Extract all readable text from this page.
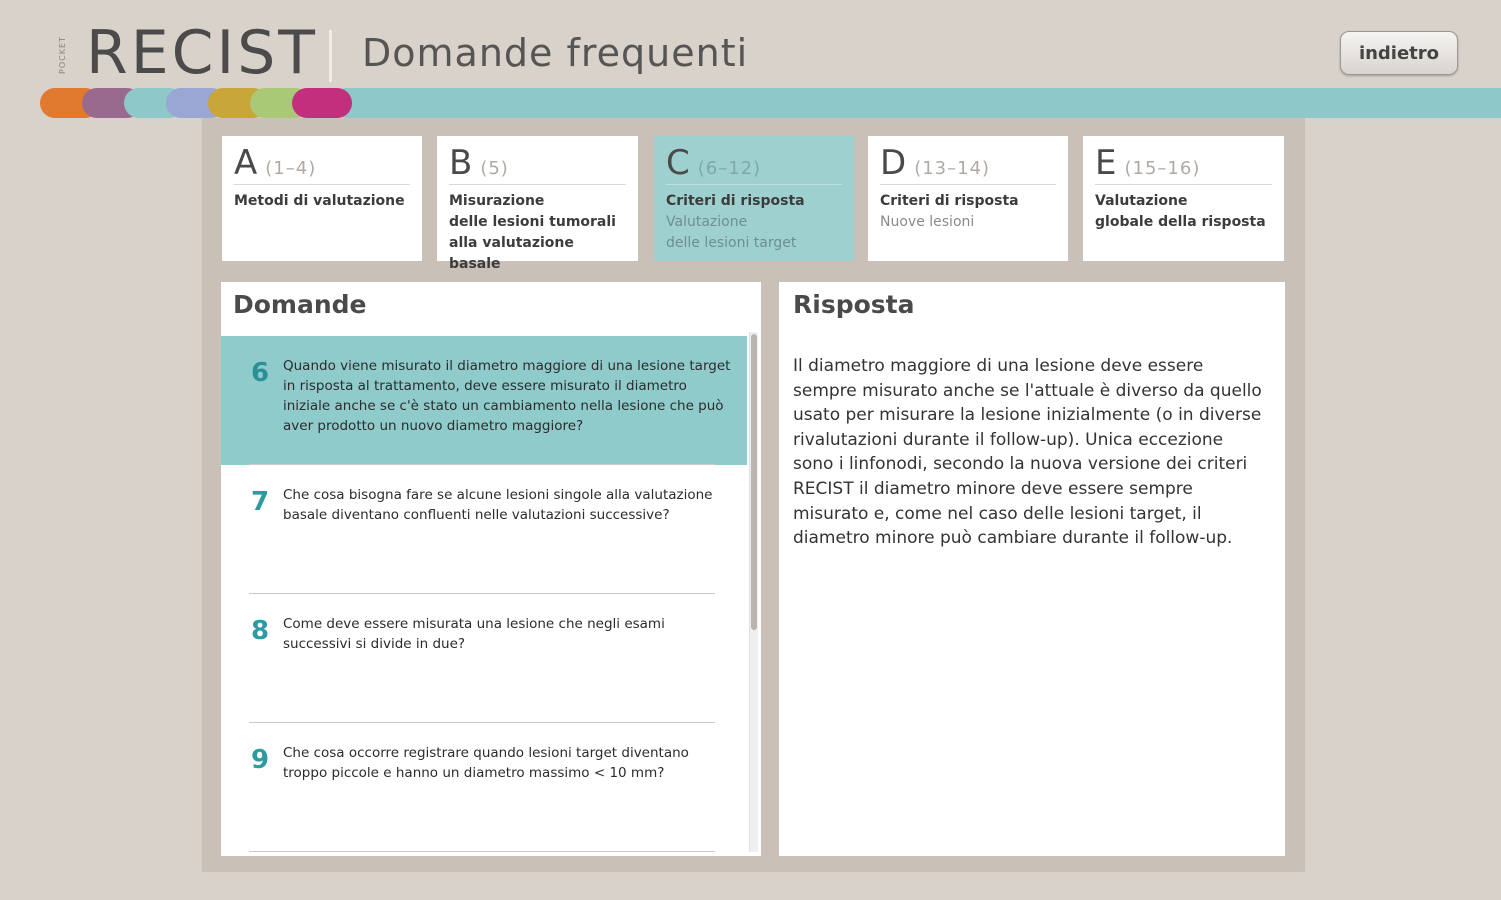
POCKET RECIST Domande frequenti	indietro
A (1–4)
Metodi di valutazione
B (5)
Misurazione
delle lesioni tumorali
alla valutazione basale
C (6–12)
Criteri di risposta
Valutazione
delle lesioni target
D (13–14)
Criteri di risposta
Nuove lesioni
E (15–16)
Valutazione
globale della risposta
Domande
6 Quando viene misurato il diametro maggiore di una lesione target in risposta al trattamento, deve essere misurato il diametro iniziale anche se c'è stato un cambiamento nella lesione che può aver prodotto un nuovo diametro maggiore?
7 Che cosa bisogna fare se alcune lesioni singole alla valutazione basale diventano confluenti nelle valutazioni successive?
8 Come deve essere misurata una lesione che negli esami successivi si divide in due?
9 Che cosa occorre registrare quando lesioni target diventano troppo piccole e hanno un diametro massimo < 10 mm?
Risposta
Il diametro maggiore di una lesione deve essere sempre misurato anche se l'attuale è diverso da quello usato per misurare la lesione inizialmente (o in diverse rivalutazioni durante il follow-up). Unica eccezione sono i linfonodi, secondo la nuova versione dei criteri RECIST il diametro minore deve essere sempre misurato e, come nel caso delle lesioni target, il diametro minore può cambiare durante il follow-up.
